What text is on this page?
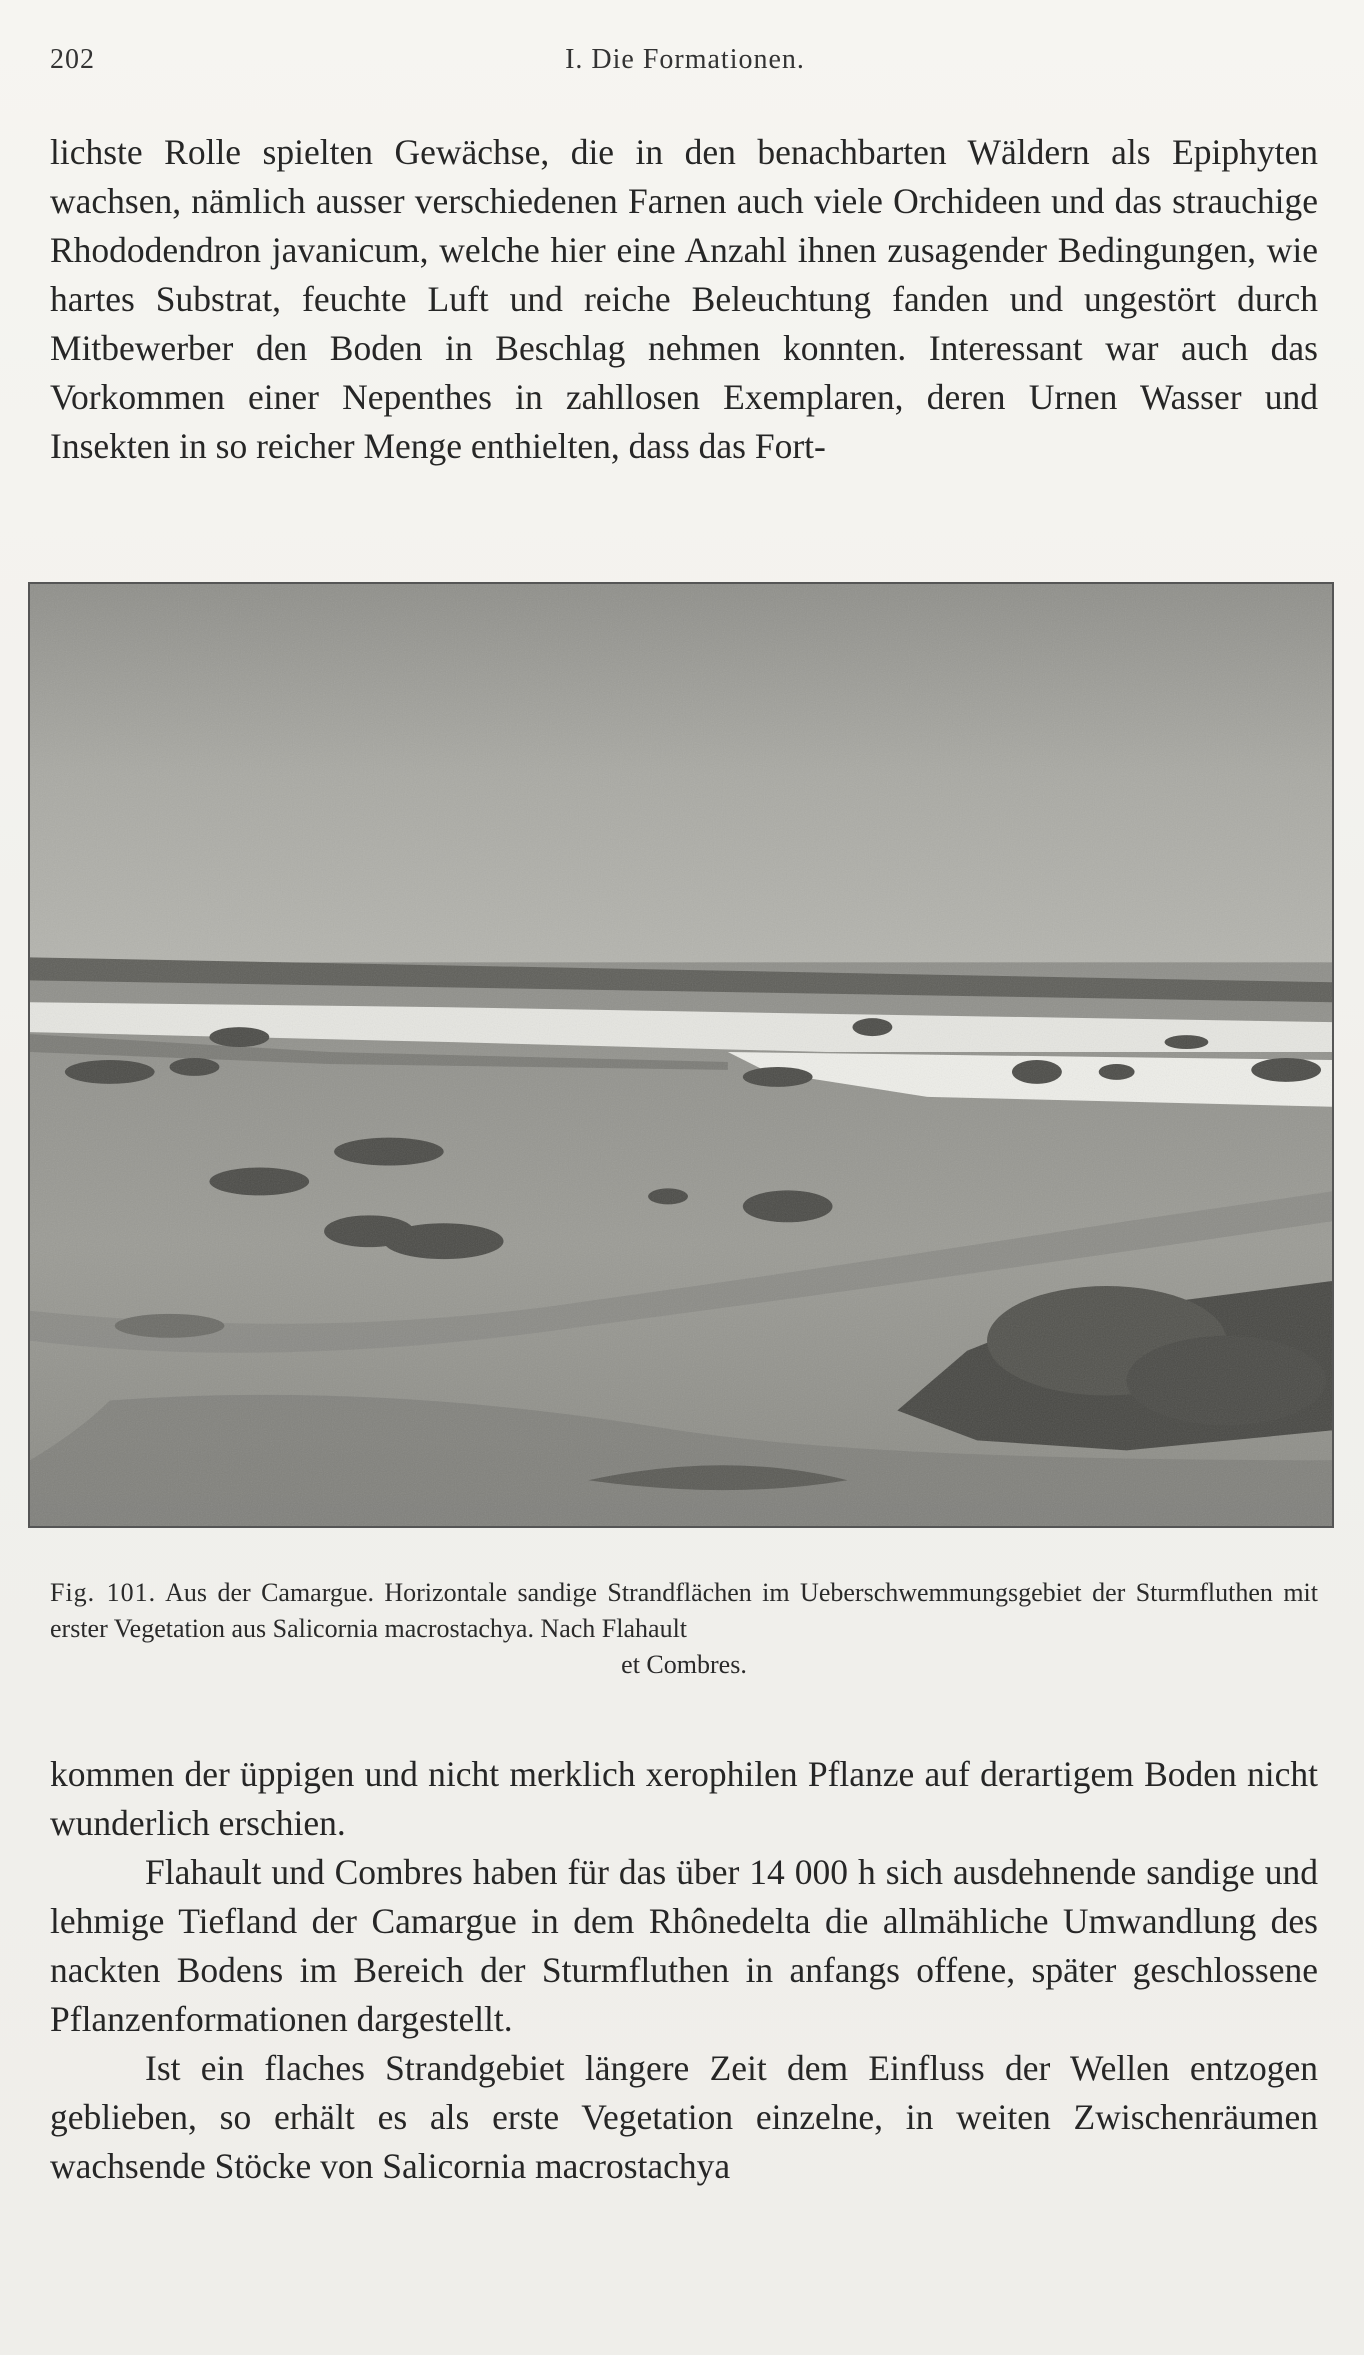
202	I. Die Formationen.

lichste Rolle spielten Gewächse, die in den benachbarten Wäldern als Epiphyten wachsen, nämlich ausser verschiedenen Farnen auch viele Orchideen und das strauchige Rhododendron javanicum, welche hier eine Anzahl ihnen zusagender Bedingungen, wie hartes Substrat, feuchte Luft und reiche Beleuchtung fanden und ungestört durch Mitbewerber den Boden in Beschlag nehmen konnten. Interessant war auch das Vorkommen einer Nepenthes in zahllosen Exemplaren, deren Urnen Wasser und Insekten in so reicher Menge enthielten, dass das Fort-

Fig. 101. Aus der Camargue. Horizontale sandige Strandflächen im Ueberschwemmungsgebiet der Sturmfluthen mit erster Vegetation aus Salicornia macrostachya. Nach Flahault
et Combres.

kommen der üppigen und nicht merklich xerophilen Pflanze auf derartigem Boden nicht wunderlich erschien.

Flahault und Combres haben für das über 14 000 h sich ausdehnende sandige und lehmige Tiefland der Camargue in dem Rhônedelta die allmähliche Umwandlung des nackten Bodens im Bereich der Sturmfluthen in anfangs offene, später geschlossene Pflanzenformationen dargestellt.

Ist ein flaches Strandgebiet längere Zeit dem Einfluss der Wellen entzogen geblieben, so erhält es als erste Vegetation einzelne, in weiten Zwischenräumen wachsende Stöcke von Salicornia macrostachya
